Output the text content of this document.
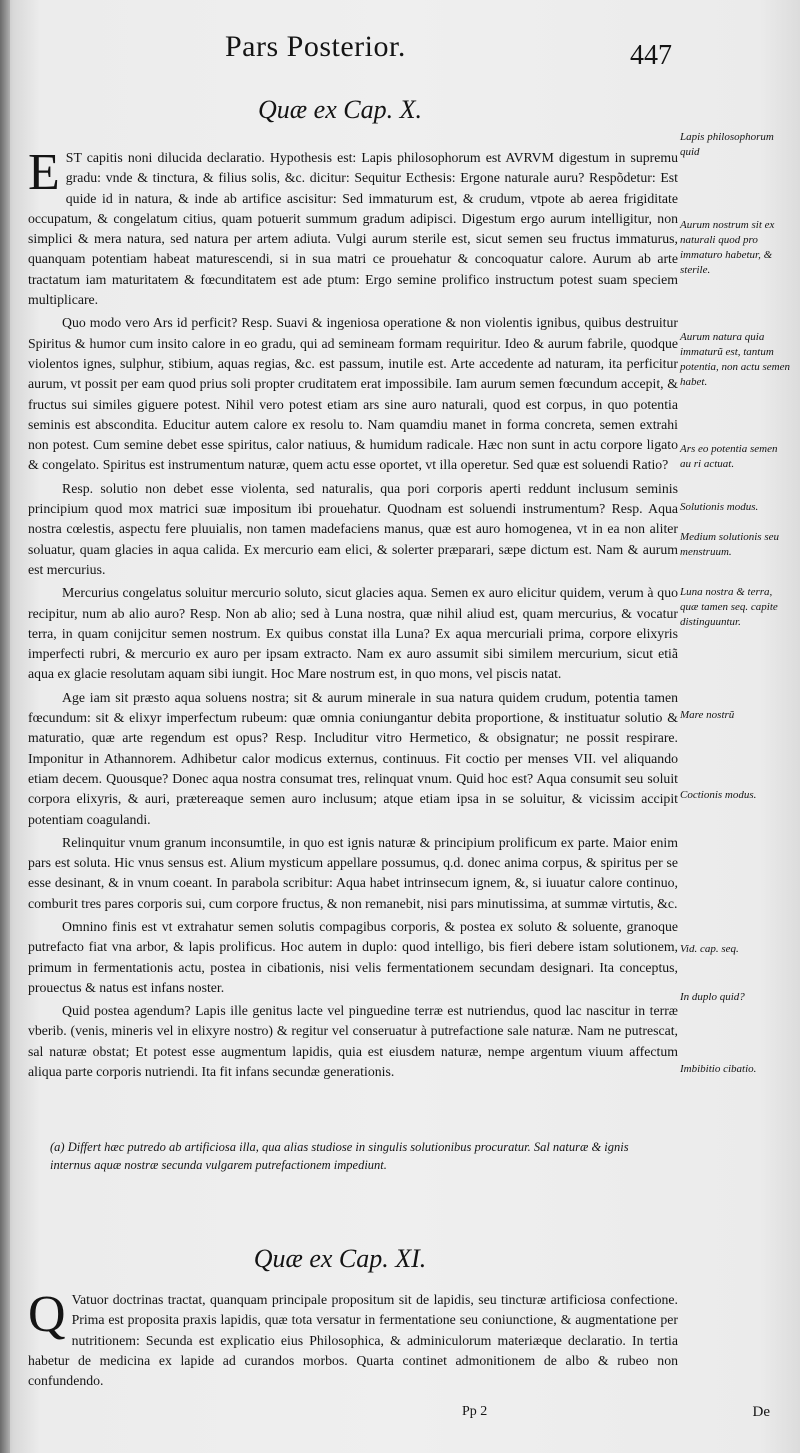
Pars Posterior.	447
Quæ ex Cap. X.

EST capitis noni dilucida declaratio. Hypothesis est: Lapis philosophorum est AVRVM digestum in supremu gradu: vnde & tinctura, & filius solis, &c. dicitur: Sequitur Ecthesis: Ergone naturale auru? Respõdetur: Est quide id in natura, & inde ab artifice ascisitur: Sed immaturum est, & crudum, vtpote ab aerea frigiditate occupatum, & congelatum citius, quam potuerit summum gradum adipisci. Digestum ergo aurum intelligitur, non simplici & mera natura, sed natura per artem adiuta. Vulgi aurum sterile est, sicut semen seu fructus immaturus, quanquam potentiam habeat maturescendi, si in sua matri ce prouehatur & concoquatur calore. Aurum ab arte tractatum iam maturitatem & fœcunditatem est ade ptum: Ergo semine prolifico instructum potest suam speciem multiplicare.

Quo modo vero Ars id perficit? Resp. Suavi & ingeniosa operatione & non violentis ignibus, quibus destruitur Spiritus & humor cum insito calore in eo gradu, qui ad semineam formam requiritur. Ideo & aurum fabrile, quodque violentos ignes, sulphur, stibium, aquas regias, &c. est passum, inutile est. Arte accedente ad naturam, ita perficitur aurum, vt possit per eam quod prius soli propter cruditatem erat impossibile. Iam aurum semen fœcundum accepit, & fructus sui similes giguere potest. Nihil vero potest etiam ars sine auro naturali, quod est corpus, in quo potentia seminis est abscondita. Educitur autem calore ex resolu to. Nam quamdiu manet in forma concreta, semen extrahi non potest. Cum semine debet esse spiritus, calor natiuus, & humidum radicale. Hæc non sunt in actu corpore ligato & congelato. Spiritus est instrumentum naturæ, quem actu esse oportet, vt illa operetur. Sed quæ est soluendi Ratio?

Resp. solutio non debet esse violenta, sed naturalis, qua pori corporis aperti reddunt inclusum seminis principium quod mox matrici suæ impositum ibi prouehatur. Quodnam est soluendi instrumentum? Resp. Aqua nostra cœlestis, aspectu fere pluuialis, non tamen madefaciens manus, quæ est auro homogenea, vt in ea non aliter soluatur, quam glacies in aqua calida. Ex mercurio eam elici, & solerter præparari, sæpe dictum est. Nam & aurum est mercurius.

Mercurius congelatus soluitur mercurio soluto, sicut glacies aqua. Semen ex auro elicitur quidem, verum à quo recipitur, num ab alio auro? Resp. Non ab alio; sed à Luna nostra, quæ nihil aliud est, quam mercurius, & vocatur terra, in quam conijcitur semen nostrum. Ex quibus constat illa Luna? Ex aqua mercuriali prima, corpore elixyris imperfecti rubri, & mercurio ex auro per ipsam extracto. Nam ex auro assumit sibi similem mercurium, sicut etiã aqua ex glacie resolutam aquam sibi iungit. Hoc Mare nostrum est, in quo mons, vel piscis natat.

Age iam sit præsto aqua soluens nostra; sit & aurum minerale in sua natura quidem crudum, potentia tamen fœcundum: sit & elixyr imperfectum rubeum: quæ omnia coniungantur debita proportione, & instituatur solutio & maturatio, quæ arte regendum est opus? Resp. Includitur vitro Hermetico, & obsignatur; ne possit respirare. Imponitur in Athannorem. Adhibetur calor modicus externus, continuus. Fit coctio per menses VII. vel aliquando etiam decem. Quousque? Donec aqua nostra consumat tres, relinquat vnum. Quid hoc est? Aqua consumit seu soluit corpora elixyris, & auri, prætereaque semen auro inclusum; atque etiam ipsa in se soluitur, & vicissim accipit potentiam coagulandi.

Relinquitur vnum granum inconsumtile, in quo est ignis naturæ & principium prolificum ex parte. Maior enim pars est soluta. Hic vnus sensus est. Alium mysticum appellare possumus, q.d. donec anima corpus, & spiritus per se esse desinant, & in vnum coeant. In parabola scribitur: Aqua habet intrinsecum ignem, &, si iuuatur calore continuo, comburit tres pares corporis sui, cum corpore fructus, & non remanebit, nisi pars minutissima, at summæ virtutis, &c.

Omnino finis est vt extrahatur semen solutis compagibus corporis, & postea ex soluto & soluente, granoque putrefacto fiat vna arbor, & lapis prolificus. Hoc autem in duplo: quod intelligo, bis fieri debere istam solutionem, primum in fermentationis actu, postea in cibationis, nisi velis fermentationem secundam designari. Ita conceptus, prouectus & natus est infans noster.

Quid postea agendum? Lapis ille genitus lacte vel pinguedine terræ est nutriendus, quod lac nascitur in terræ vberib. (venis, mineris vel in elixyre nostro) & regitur vel conseruatur à putrefactione sale naturæ. Nam ne putrescat, sal naturæ obstat; Et potest esse augmentum lapidis, quia est eiusdem naturæ, nempe argentum viuum affectum aliqua parte corporis nutriendi. Ita fit infans secundæ generationis.

(a) Differt hæc putredo ab artificiosa illa, qua alias studiose in singulis solutionibus procuratur. Sal naturæ & ignis internus aquæ nostræ secunda vulgarem putrefactionem impediunt.
Quæ ex Cap. XI.

Q Vatuor doctrinas tractat, quanquam principale propositum sit de lapidis, seu tincturæ artificiosa confectione. Prima est proposita praxis lapidis, quæ tota versatur in fermentatione seu coniunctione, & augmentatione per nutritionem: Secunda est explicatio eius Philosophica, & adminiculorum materiæque declaratio. In tertia habetur de medicina ex lapide ad curandos morbos. Quarta continet admonitionem de albo & rubeo non confundendo.

Lapis philosophorum quid
Aurum nostrum sit ex naturali quod pro immaturo habetur, & sterile.
Aurum natura quia immaturũ est, tantum potentia, non actu semen habet.
Ars eo potentia semen au ri actuat.
Solutionis modus.
Medium solutionis seu menstruum.
Luna nostra & terra, quæ tamen seq. capite distinguuntur.
Mare nostrũ
Coctionis modus.
Vid. cap. seq.
In duplo quid?
Imbibitio cibatio.
Pp 2	De
